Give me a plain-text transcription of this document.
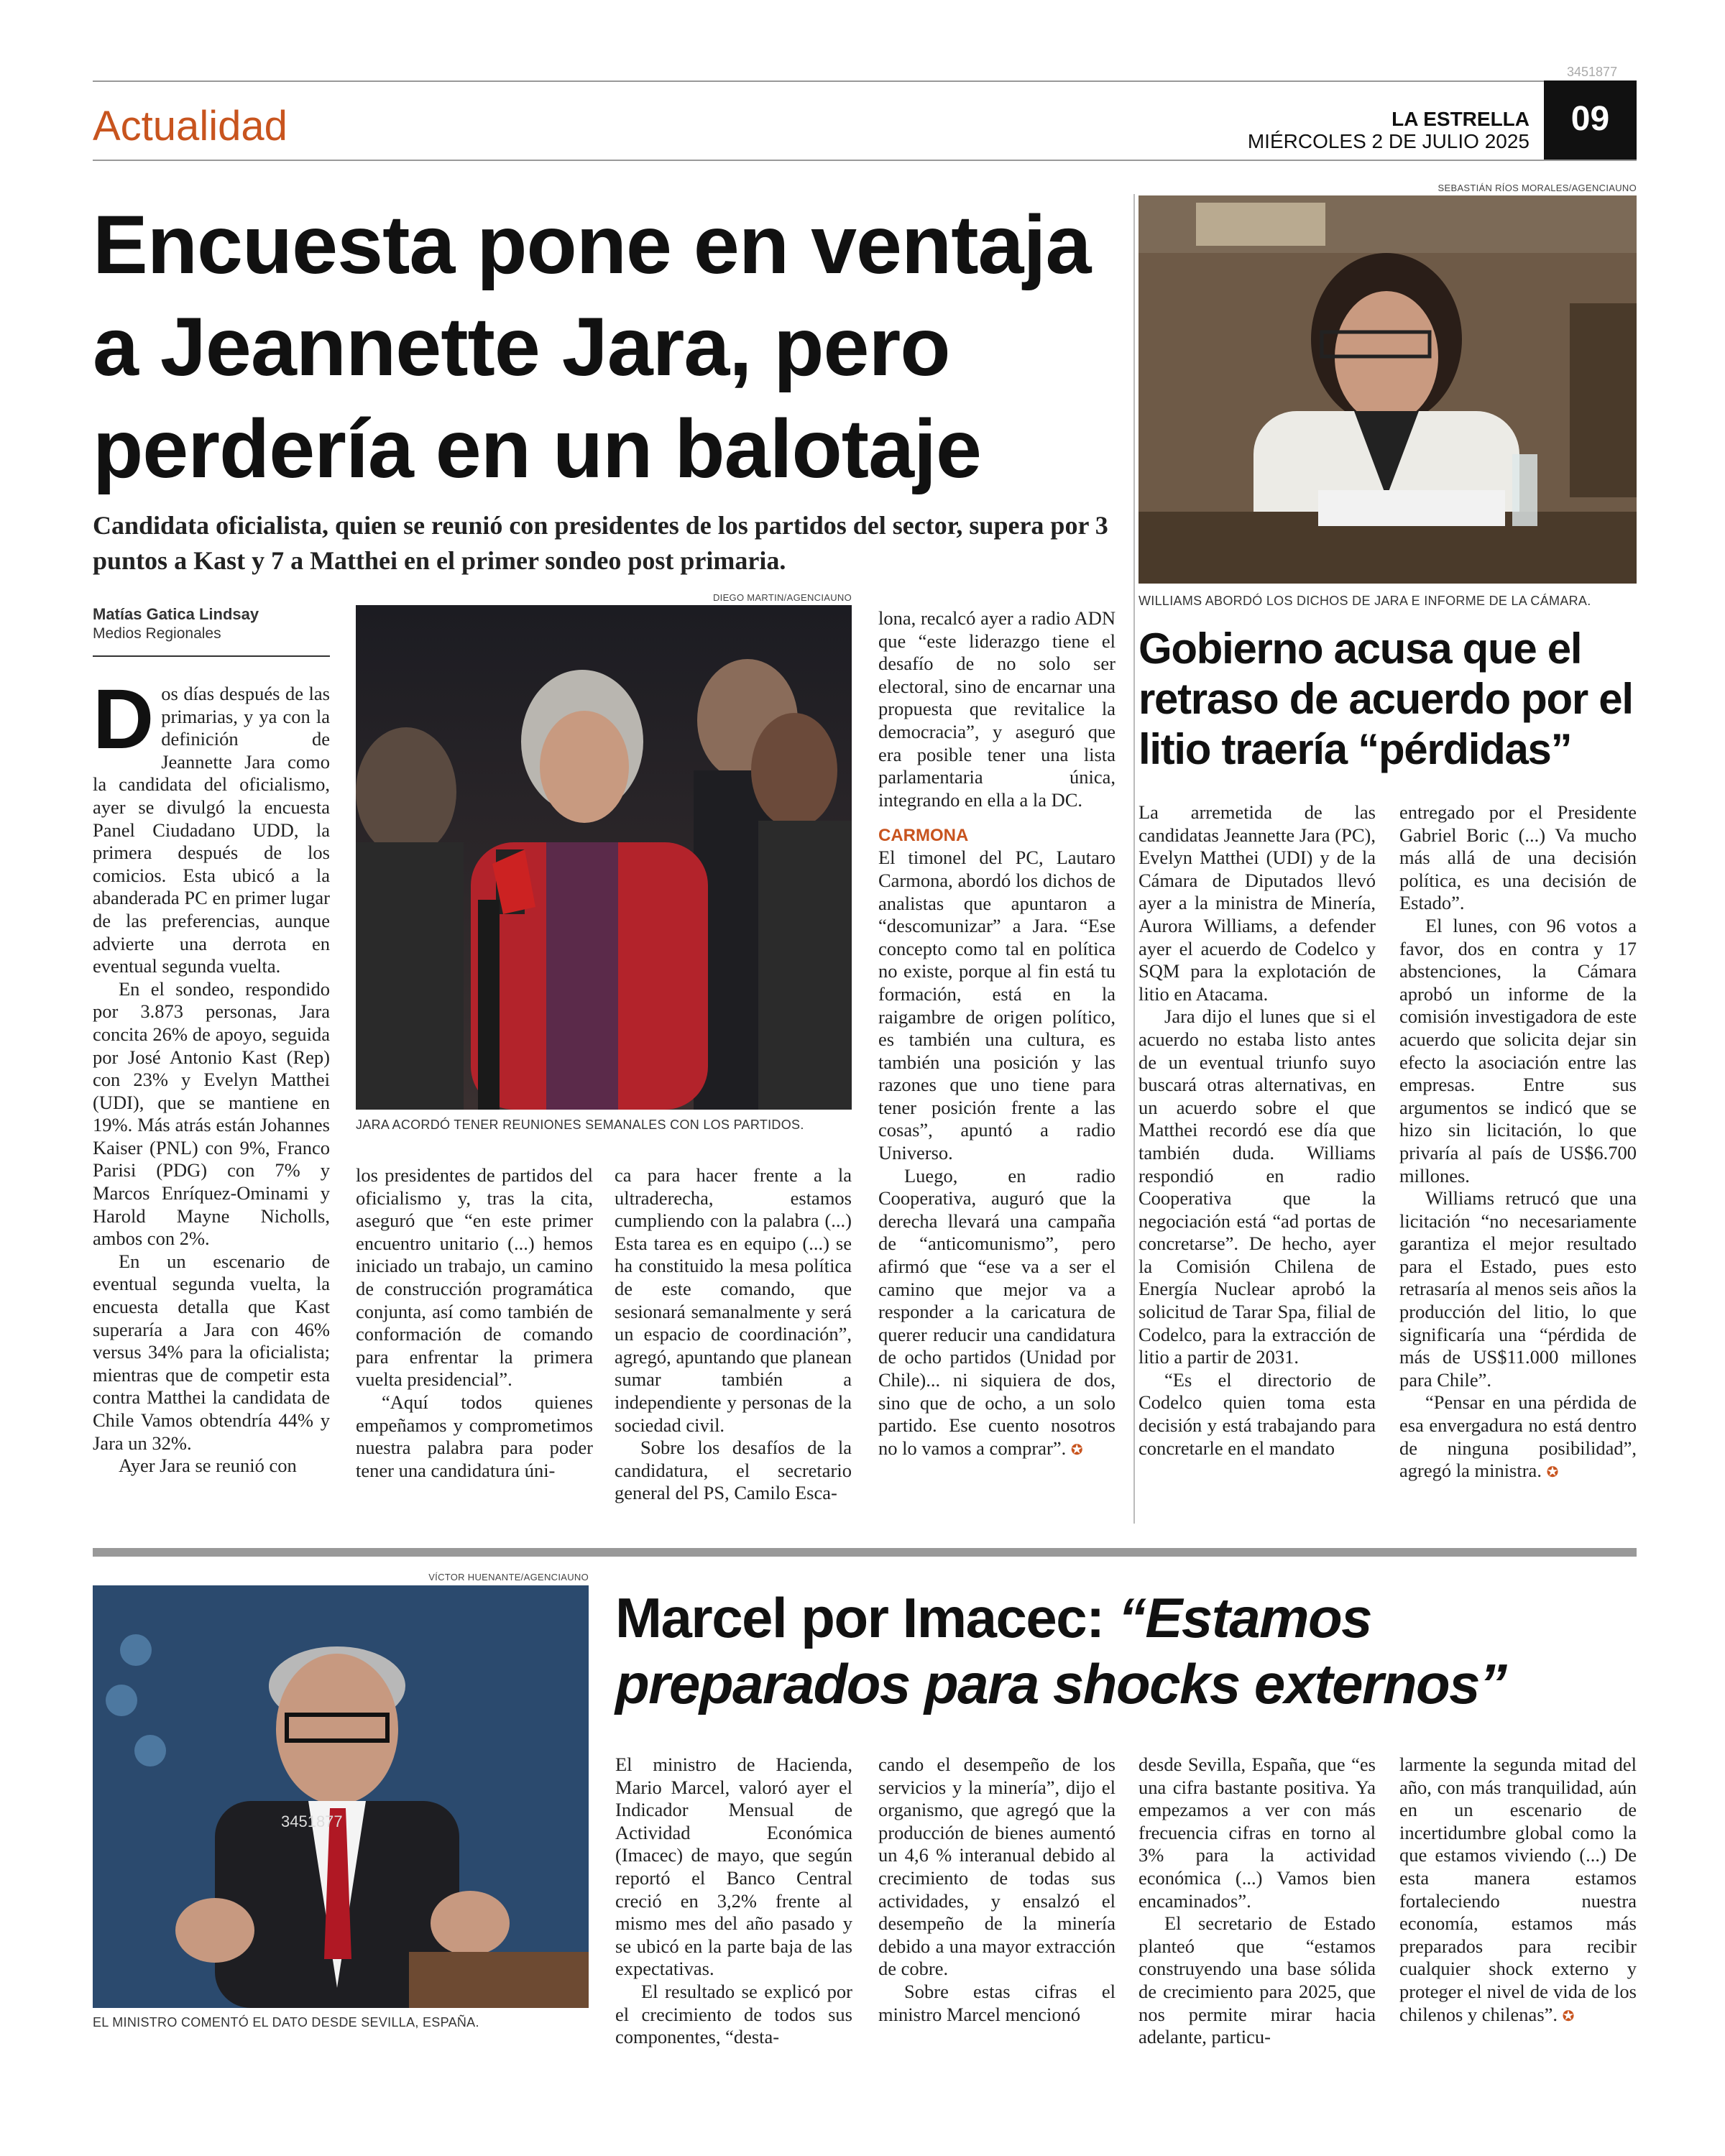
3451877
Actualidad	LA ESTRELLA
MIÉRCOLES 2 DE JULIO 2025
09
Encuesta pone en ventaja
a Jeannette Jara, pero
perdería en un balotaje
Candidata oficialista, quien se reunió con presidentes de los partidos del sector, supera por 3 puntos a Kast y 7 a Matthei en el primer sondeo post primaria.
Matías Gatica Lindsay
Medios Regionales
DIEGO MARTIN/AGENCIAUNO
JARA ACORDÓ TENER REUNIONES SEMANALES CON LOS PARTIDOS.

Dos días después de las primarias, y ya con la definición de Jeannette Jara como la candidata del oficialismo, ayer se divulgó la encuesta Panel Ciudadano UDD, la primera después de los comicios. Esta ubicó a la abanderada PC en primer lugar de las preferencias, aunque advierte una derrota en eventual segunda vuelta.

En el sondeo, respondido por 3.873 personas, Jara concita 26% de apoyo, seguida por José Antonio Kast (Rep) con 23% y Evelyn Matthei (UDI), que se mantiene en 19%. Más atrás están Johannes Kaiser (PNL) con 9%, Franco Parisi (PDG) con 7% y Marcos Enríquez-Ominami y Harold Mayne Nicholls, ambos con 2%.

En un escenario de eventual segunda vuelta, la encuesta detalla que Kast superaría a Jara con 46% versus 34% para la oficialista; mientras que de competir esta contra Matthei la candidata de Chile Vamos obtendría 44% y Jara un 32%.

Ayer Jara se reunió con

los presidentes de partidos del oficialismo y, tras la cita, aseguró que “en este primer encuentro unitario (...) hemos iniciado un trabajo, un camino de construcción programática conjunta, así como también de conformación de comando para enfrentar la primera vuelta presidencial”.

“Aquí todos quienes empeñamos y comprometimos nuestra palabra para poder tener una candidatura úni-

ca para hacer frente a la ultraderecha, estamos cumpliendo con la palabra (...) Esta tarea es en equipo (...) se ha constituido la mesa política de este comando, que sesionará semanalmente y será un espacio de coordinación”, agregó, apuntando que planean sumar también a independiente y personas de la sociedad civil.

Sobre los desafíos de la candidatura, el secretario general del PS, Camilo Esca-

lona, recalcó ayer a radio ADN que “este liderazgo tiene el desafío de no solo ser electoral, sino de encarnar una propuesta que revitalice la democracia”, y aseguró que era posible tener una lista parlamentaria única, integrando en ella a la DC.

CARMONA

El timonel del PC, Lautaro Carmona, abordó los dichos de analistas que apuntaron a “descomunizar” a Jara. “Ese concepto como tal en política no existe, porque al fin está tu formación, está en la raigambre de origen político, es también una cultura, es también una posición y las razones que uno tiene para tener posición frente a las cosas”, apuntó a radio Universo.

Luego, en radio Cooperativa, auguró que la derecha llevará una campaña de “anticomunismo”, pero afirmó que “ese va a ser el camino que mejor va a responder a la caricatura de querer reducir una candidatura de ocho partidos (Unidad por Chile)... ni siquiera de dos, sino que de ocho, a un solo partido. Ese cuento nosotros no lo vamos a comprar”. ✪

SEBASTIÁN RÍOS MORALES/AGENCIAUNO
WILLIAMS ABORDÓ LOS DICHOS DE JARA E INFORME DE LA CÁMARA.
Gobierno acusa que el
retraso de acuerdo por el
litio traería “pérdidas”

La arremetida de las candidatas Jeannette Jara (PC), Evelyn Matthei (UDI) y de la Cámara de Diputados llevó ayer a la ministra de Minería, Aurora Williams, a defender ayer el acuerdo de Codelco y SQM para la explotación de litio en Atacama.

Jara dijo el lunes que si el acuerdo no estaba listo antes de un eventual triunfo suyo buscará otras alternativas, en un acuerdo sobre el que Matthei recordó ese día que también duda. Williams respondió en radio Cooperativa que la negociación está “ad portas de concretarse”. De hecho, ayer la Comisión Chilena de Energía Nuclear aprobó la solicitud de Tarar Spa, filial de Codelco, para la extracción de litio a partir de 2031.

“Es el directorio de Codelco quien toma esta decisión y está trabajando para concretarle en el mandato

entregado por el Presidente Gabriel Boric (...) Va mucho más allá de una decisión política, es una decisión de Estado”.

El lunes, con 96 votos a favor, dos en contra y 17 abstenciones, la Cámara aprobó un informe de la comisión investigadora de este acuerdo que solicita dejar sin efecto la asociación entre las empresas. Entre sus argumentos se indicó que se hizo sin licitación, lo que privaría al país de US$6.700 millones.

Williams retrucó que una licitación “no necesariamente garantiza el mejor resultado para el Estado, pues esto retrasaría al menos seis años la producción del litio, lo que significaría una “pérdida de más de US$11.000 millones para Chile”.

“Pensar en una pérdida de esa envergadura no está dentro de ninguna posibilidad”, agregó la ministra. ✪

VÍCTOR HUENANTE/AGENCIAUNO
3451877
EL MINISTRO COMENTÓ EL DATO DESDE SEVILLA, ESPAÑA.
Marcel por Imacec: “Estamos
preparados para shocks externos”

El ministro de Hacienda, Mario Marcel, valoró ayer el Indicador Mensual de Actividad Económica (Imacec) de mayo, que según reportó el Banco Central creció en 3,2% frente al mismo mes del año pasado y se ubicó en la parte baja de las expectativas.

El resultado se explicó por el crecimiento de todos sus componentes, “desta-

cando el desempeño de los servicios y la minería”, dijo el organismo, que agregó que la producción de bienes aumentó un 4,6 % interanual debido al crecimiento de todas sus actividades, y ensalzó el desempeño de la minería debido a una mayor extracción de cobre.

Sobre estas cifras el ministro Marcel mencionó

desde Sevilla, España, que “es una cifra bastante positiva. Ya empezamos a ver con más frecuencia cifras en torno al 3% para la actividad económica (...) Vamos bien encaminados”.

El secretario de Estado planteó que “estamos construyendo una base sólida de crecimiento para 2025, que nos permite mirar hacia adelante, particu-

larmente la segunda mitad del año, con más tranquilidad, aún en un escenario de incertidumbre global como la que estamos viviendo (...) De esta manera estamos fortaleciendo nuestra economía, estamos más preparados para recibir cualquier shock externo y proteger el nivel de vida de los chilenos y chilenas”. ✪
